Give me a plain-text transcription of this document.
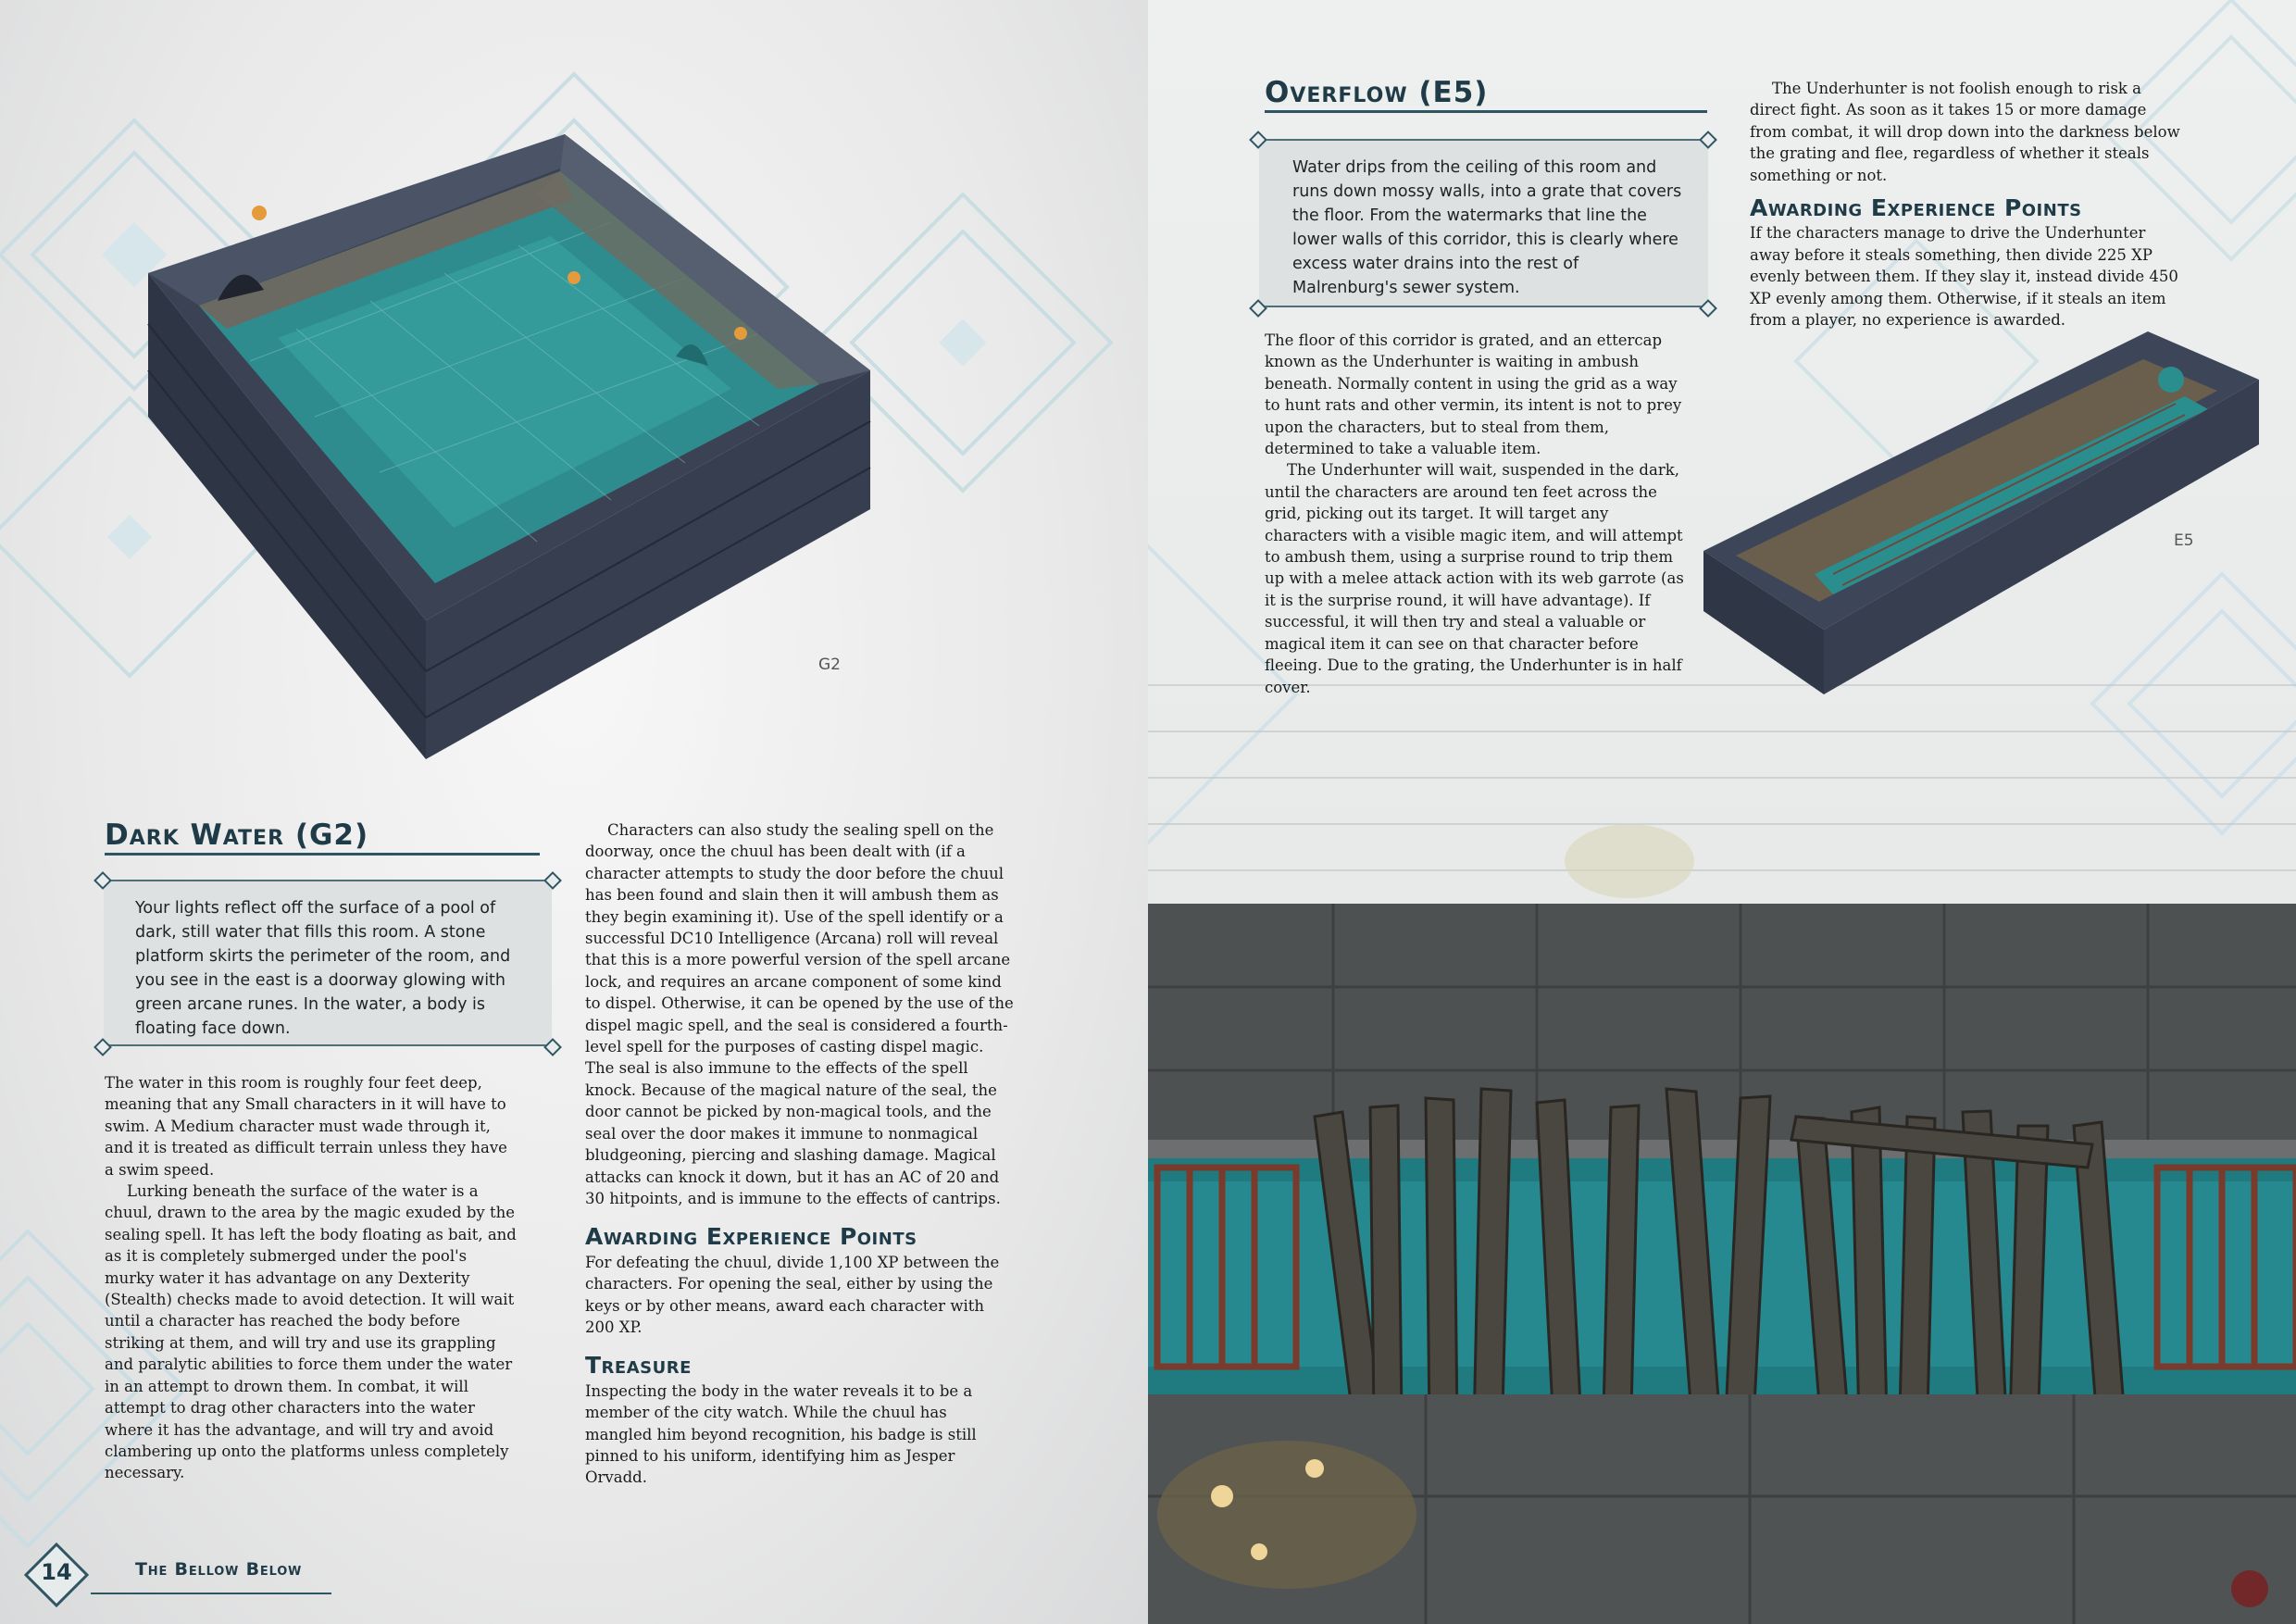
G2
Dark Water (G2)
Your lights reflect off the surface of a pool of dark, still water that fills this room. A stone platform skirts the perimeter of the room, and you see in the east is a doorway glowing with green arcane runes. In the water, a body is floating face down.

The water in this room is roughly four feet deep, meaning that any Small characters in it will have to swim. A Medium character must wade through it, and it is treated as difficult terrain unless they have a swim speed.

Lurking beneath the surface of the water is a chuul, drawn to the area by the magic exuded by the sealing spell. It has left the body floating as bait, and as it is completely submerged under the pool's murky water it has advantage on any Dexterity (Stealth) checks made to avoid detection. It will wait until a character has reached the body before striking at them, and will try and use its grappling and paralytic abilities to force them under the water in an attempt to drown them. In combat, it will attempt to drag other characters into the water where it has the advantage, and will try and avoid clambering up onto the platforms unless completely necessary.

Characters can also study the sealing spell on the doorway, once the chuul has been dealt with (if a character attempts to study the door before the chuul has been found and slain then it will ambush them as they begin examining it). Use of the spell identify or a successful DC10 Intelligence (Arcana) roll will reveal that this is a more powerful version of the spell arcane lock, and requires an arcane component of some kind to dispel. Otherwise, it can be opened by the use of the dispel magic spell, and the seal is considered a fourth-level spell for the purposes of casting dispel magic. The seal is also immune to the effects of the spell knock. Because of the magical nature of the seal, the door cannot be picked by non-magical tools, and the seal over the door makes it immune to nonmagical bludgeoning, piercing and slashing damage. Magical attacks can knock it down, but it has an AC of 20 and 30 hitpoints, and is immune to the effects of cantrips.

Awarding Experience Points

For defeating the chuul, divide 1,100 XP between the characters. For opening the seal, either by using the keys or by other means, award each character with 200 XP.

Treasure

Inspecting the body in the water reveals it to be a member of the city watch. While the chuul has mangled him beyond recognition, his badge is still pinned to his uniform, identifying him as Jesper Orvadd.

14	The Bellow Below
Overflow (E5)
Water drips from the ceiling of this room and runs down mossy walls, into a grate that covers the floor. From the watermarks that line the lower walls of this corridor, this is clearly where excess water drains into the rest of Malrenburg's sewer system.

The floor of this corridor is grated, and an ettercap known as the Underhunter is waiting in ambush beneath. Normally content in using the grid as a way to hunt rats and other vermin, its intent is not to prey upon the characters, but to steal from them, determined to take a valuable item.

The Underhunter will wait, suspended in the dark, until the characters are around ten feet across the grid, picking out its target. It will target any characters with a visible magic item, and will attempt to ambush them, using a surprise round to trip them up with a melee attack action with its web garrote (as it is the surprise round, it will have advantage). If successful, it will then try and steal a valuable or magical item it can see on that character before fleeing. Due to the grating, the Underhunter is in half cover.

The Underhunter is not foolish enough to risk a direct fight. As soon as it takes 15 or more damage from combat, it will drop down into the darkness below the grating and flee, regardless of whether it steals something or not.

Awarding Experience Points

If the characters manage to drive the Underhunter away before it steals something, then divide 225 XP evenly between them. If they slay it, instead divide 450 XP evenly among them. Otherwise, if it steals an item from a player, no experience is awarded.

E5
